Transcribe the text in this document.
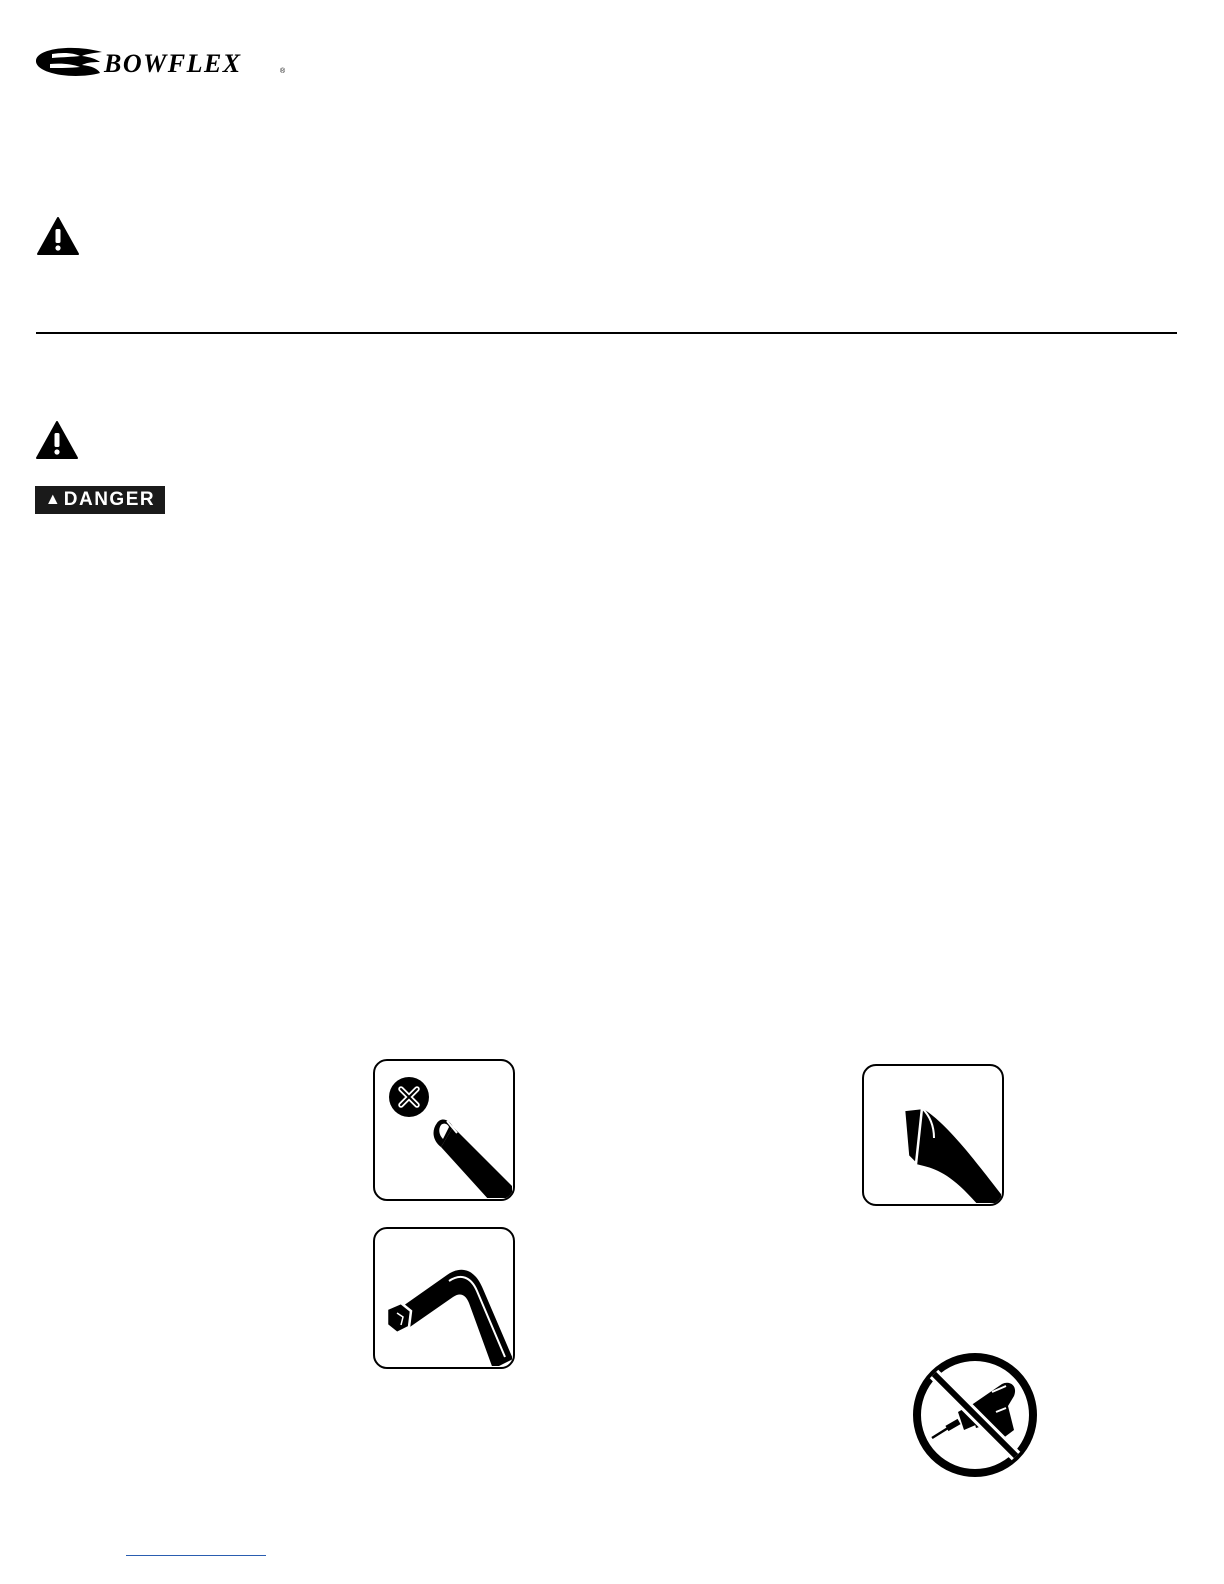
BOWFLEX	®
▲ DANGER
